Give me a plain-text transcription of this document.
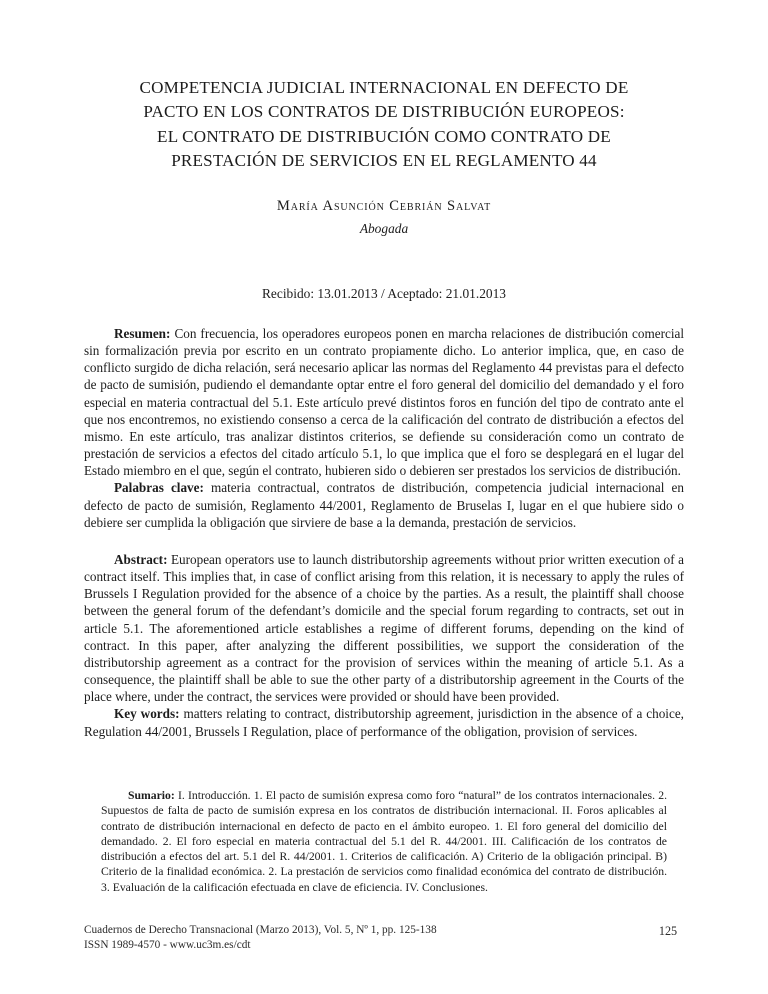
COMPETENCIA JUDICIAL INTERNACIONAL EN DEFECTO DE
PACTO EN LOS CONTRATOS DE DISTRIBUCIÓN EUROPEOS:
EL CONTRATO DE DISTRIBUCIÓN COMO CONTRATO DE
PRESTACIÓN DE SERVICIOS EN EL REGLAMENTO 44
María Asunción Cebrián Salvat
Abogada
Recibido: 13.01.2013 / Aceptado: 21.01.2013

Resumen: Con frecuencia, los operadores europeos ponen en marcha relaciones de distribución comercial sin formalización previa por escrito en un contrato propiamente dicho. Lo anterior implica, que, en caso de conflicto surgido de dicha relación, será necesario aplicar las normas del Reglamento 44 previstas para el defecto de pacto de sumisión, pudiendo el demandante optar entre el foro general del domicilio del demandado y el foro especial en materia contractual del 5.1. Este artículo prevé distintos foros en función del tipo de contrato ante el que nos encontremos, no existiendo consenso a cerca de la calificación del contrato de distribución a efectos del mismo. En este artículo, tras analizar distintos criterios, se defiende su consideración como un contrato de prestación de servicios a efectos del citado artículo 5.1, lo que implica que el foro se desplegará en el lugar del Estado miembro en el que, según el contrato, hubieren sido o debieren ser prestados los servicios de distribución.

Palabras clave: materia contractual, contratos de distribución, competencia judicial internacional en defecto de pacto de sumisión, Reglamento 44/2001, Reglamento de Bruselas I, lugar en el que hubiere sido o debiere ser cumplida la obligación que sirviere de base a la demanda, prestación de servicios.

Abstract: European operators use to launch distributorship agreements without prior written execution of a contract itself. This implies that, in case of conflict arising from this relation, it is necessary to apply the rules of Brussels I Regulation provided for the absence of a choice by the parties. As a result, the plaintiff shall choose between the general forum of the defendant’s domicile and the special forum regarding to contracts, set out in article 5.1. The aforementioned article establishes a regime of different forums, depending on the kind of contract. In this paper, after analyzing the different possibilities, we support the consideration of the distributorship agreement as a contract for the provision of services within the meaning of article 5.1. As a consequence, the plaintiff shall be able to sue the other party of a distributorship agreement in the Courts of the place where, under the contract, the services were provided or should have been provided.

Key words: matters relating to contract, distributorship agreement, jurisdiction in the absence of a choice, Regulation 44/2001, Brussels I Regulation, place of performance of the obligation, provision of services.

Sumario: I. Introducción. 1. El pacto de sumisión expresa como foro “natural” de los contratos internacionales. 2. Supuestos de falta de pacto de sumisión expresa en los contratos de distribución internacional. II. Foros aplicables al contrato de distribución internacional en defecto de pacto en el ámbito europeo. 1. El foro general del domicilio del demandado. 2. El foro especial en materia contractual del 5.1 del R. 44/2001. III. Calificación de los contratos de distribución a efectos del art. 5.1 del R. 44/2001. 1. Criterios de calificación. A) Criterio de la obligación principal. B) Criterio de la finalidad económica. 2. La prestación de servicios como finalidad económica del contrato de distribución. 3. Evaluación de la calificación efectuada en clave de eficiencia. IV. Conclusiones.

Cuadernos de Derecho Transnacional (Marzo 2013), Vol. 5, Nº 1, pp. 125-138
ISSN 1989-4570 - www.uc3m.es/cdt
125
